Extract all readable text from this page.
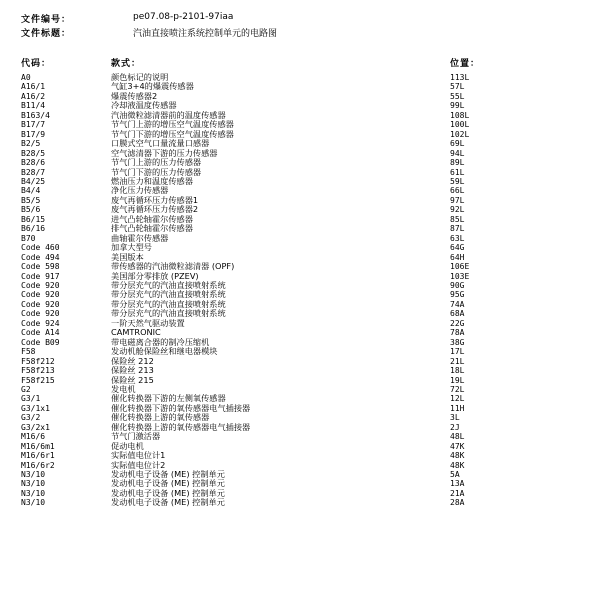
文件编号：	pe07.08-p-2101-97iaa
文件标题：	汽油直接喷注系统控制单元的电路图
代码：	款式：	位置：
A0	颜色标记的说明	113L
A16/1	气缸3+4的爆震传感器	57L
A16/2	爆震传感器2	55L
B11/4	冷却液温度传感器	99L
B163/4	汽油微粒滤清器前的温度传感器	108L
B17/7	节气门上游的增压空气温度传感器	100L
B17/9	节气门下游的增压空气温度传感器	102L
B2/5	口膜式空气口量流量口感器	69L
B28/5	空气滤清器下游的压力传感器	94L
B28/6	节气门上游的压力传感器	89L
B28/7	节气门下游的压力传感器	61L
B4/25	燃油压力和温度传感器	59L
B4/4	净化压力传感器	66L
B5/5	废气再循环压力传感器1	97L
B5/6	废气再循环压力传感器2	92L
B6/15	进气凸轮轴霍尔传感器	85L
B6/16	排气凸轮轴霍尔传感器	87L
B70	曲轴霍尔传感器	63L
Code 460	加拿大型号	64G
Code 494	美国版本	64H
Code 598	带传感器的汽油微粒滤清器 (OPF)	106E
Code 917	美国部分零排放 (PZEV)	103E
Code 920	带分层充气的汽油直接喷射系统	90G
Code 920	带分层充气的汽油直接喷射系统	95G
Code 920	带分层充气的汽油直接喷射系统	74A
Code 920	带分层充气的汽油直接喷射系统	68A
Code 924	一阶天然气驱动装置	22G
Code A14	CAMTRONIC	78A
Code B09	带电磁离合器的制冷压缩机	38G
F58	发动机舱保险丝和继电器模块	17L
F58f212	保险丝 212	21L
F58f213	保险丝 213	18L
F58f215	保险丝 215	19L
G2	发电机	72L
G3/1	催化转换器下游的左侧氧传感器	12L
G3/1x1	催化转换器下游的氧传感器电气插接器	11H
G3/2	催化转换器上游的氧传感器	3L
G3/2x1	催化转换器上游的氧传感器电气插接器	2J
M16/6	节气门激活器	48L
M16/6m1	促动电机	47K
M16/6r1	实际值电位计1	48K
M16/6r2	实际值电位计2	48K
N3/10	发动机电子设备 (ME) 控制单元	5A
N3/10	发动机电子设备 (ME) 控制单元	13A
N3/10	发动机电子设备 (ME) 控制单元	21A
N3/10	发动机电子设备 (ME) 控制单元	28A
